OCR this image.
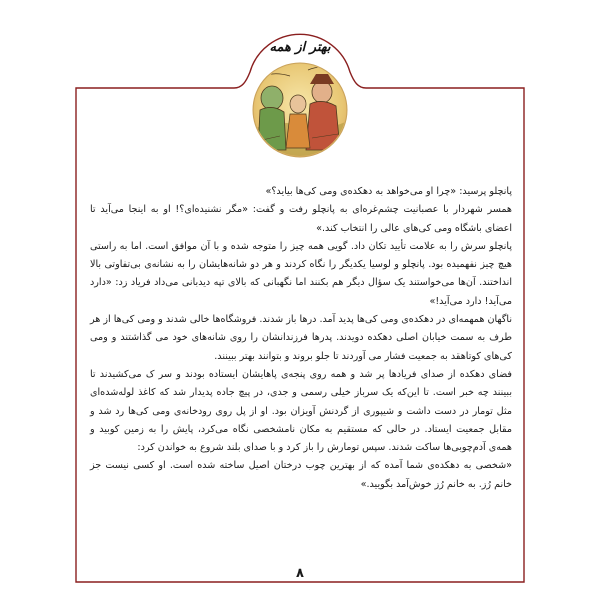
بهتر از همه

پانچلو پرسید: «چرا او می‌خواهد به دهکده‌ی ومی کی‌ها بیاید؟»

همسر شهردار با عصبانیت چشم‌غره‌ای به پانچلو رفت و گفت: «مگر نشنیده‌ای؟! او به اینجا می‌آید تا اعضای باشگاه ومی کی‌های عالی را انتخاب کند.»

پانچلو سرش را به علامت تأیید تکان داد. گویی همه چیز را متوجه شده و با آن موافق است. اما به راستی هیچ چیز نفهمیده بود. پانچلو و لوسیا یکدیگر را نگاه کردند و هر دو شانه‌هایشان را به نشانه‌ی بی‌تفاوتی بالا انداختند. آن‌ها می‌خواستند یک سؤال دیگر هم بکنند اما نگهبانی که بالای تپه دیدبانی می‌داد فریاد زد: «دارد می‌آید! دارد می‌آید!»

ناگهان همهمه‌ای در دهکده‌ی ومی کی‌ها پدید آمد. درها باز شدند. فروشگاه‌ها خالی شدند و ومی کی‌ها از هر طرف به سمت خیابان اصلی دهکده دویدند. پدرها فرزندانشان را روی شانه‌های خود می گذاشتند و ومی کی‌های کوتاهقد به جمعیت فشار می آوردند تا جلو بروند و بتوانند بهتر ببینند.

فضای دهکده از صدای فریادها پر شد و همه روی پنجه‌ی پاهایشان ایستاده بودند و سر ک می‌کشیدند تا ببینند چه خبر است. تا این‌که یک سرباز خیلی رسمی و جدی، در پیچ جاده پدیدار شد که کاغذ لوله‌شده‌ای مثل تومار در دست داشت و شیپوری از گردنش آویزان بود. او از پل روی رودخانه‌ی ومی کی‌ها رد شد و مقابل جمعیت ایستاد. در حالی که مستقیم به مکان نامشخصی نگاه می‌کرد، پایش را به زمین کوبید و همه‌ی آدم‌چوبی‌ها ساکت شدند. سپس تومارش را باز کرد و با صدای بلند شروع به خواندن کرد:

«شخصی به دهکده‌ی شما آمده که از بهترین چوب درختان اصیل ساخته شده است. او کسی نیست جز خانم رُز. به خانم رُز خوش‌آمد بگویید.»

۸
